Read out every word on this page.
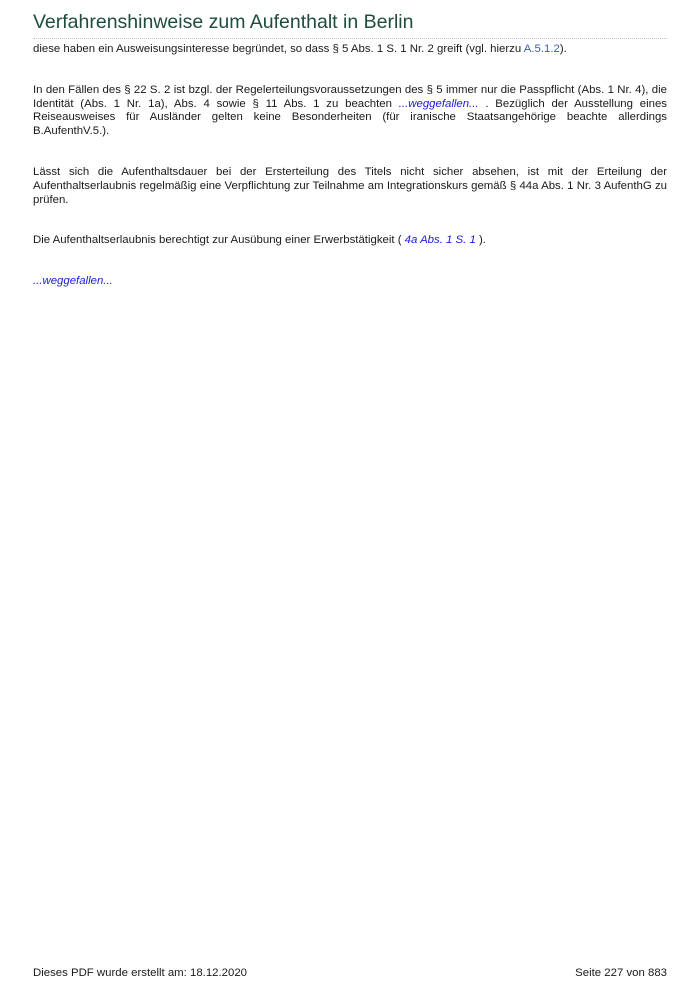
Verfahrenshinweise zum Aufenthalt in Berlin

diese haben ein Ausweisungsinteresse begründet, so dass § 5 Abs. 1 S. 1 Nr. 2 greift (vgl. hierzu A.5.1.2).

In den Fällen des § 22 S. 2 ist bzgl. der Regelerteilungsvoraussetzungen des § 5 immer nur die Passpflicht (Abs. 1 Nr. 4), die Identität (Abs. 1 Nr. 1a), Abs. 4 sowie § 11 Abs. 1 zu beachten ...weggefallen... . Bezüglich der Ausstellung eines Reiseausweises für Ausländer gelten keine Besonderheiten (für iranische Staatsangehörige beachte allerdings B.AufenthV.5.).

Lässt sich die Aufenthaltsdauer bei der Ersterteilung des Titels nicht sicher absehen, ist mit der Erteilung der Aufenthaltserlaubnis regelmäßig eine Verpflichtung zur Teilnahme am Integrationskurs gemäß § 44a Abs. 1 Nr. 3 AufenthG zu prüfen.

Die Aufenthaltserlaubnis berechtigt zur Ausübung einer Erwerbstätigkeit ( 4a Abs. 1 S. 1 ).

...weggefallen...

Dieses PDF wurde erstellt am: 18.12.2020	Seite 227 von 883
